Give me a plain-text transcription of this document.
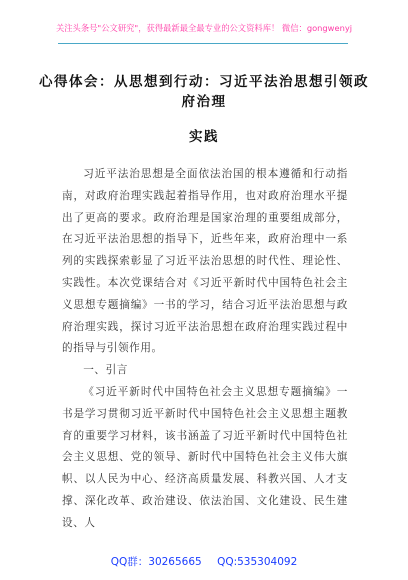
关注头条号"公文研究"，获得最新最全最专业的公文资料库！ 微信：gongwenyj
心得体会：从思想到行动：习近平法治思想引领政府治理
实践

习近平法治思想是全面依法治国的根本遵循和行动指南，对政府治理实践起着指导作用，也对政府治理水平提出了更高的要求。政府治理是国家治理的重要组成部分，在习近平法治思想的指导下，近些年来，政府治理中一系列的实践探索彰显了习近平法治思想的时代性、理论性、实践性。本次党课结合对《习近平新时代中国特色社会主义思想专题摘编》一书的学习，结合习近平法治思想与政府治理实践，探讨习近平法治思想在政府治理实践过程中的指导与引领作用。

一、引言

《习近平新时代中国特色社会主义思想专题摘编》一书是学习贯彻习近平新时代中国特色社会主义思想主题教育的重要学习材料，该书涵盖了习近平新时代中国特色社会主义思想、党的领导、新时代中国特色社会主义伟大旗帜、以人民为中心、经济高质量发展、科教兴国、人才支撑、深化改革、政治建设、依法治国、文化建设、民生建设、人

QQ群：30265665 QQ:535304092
